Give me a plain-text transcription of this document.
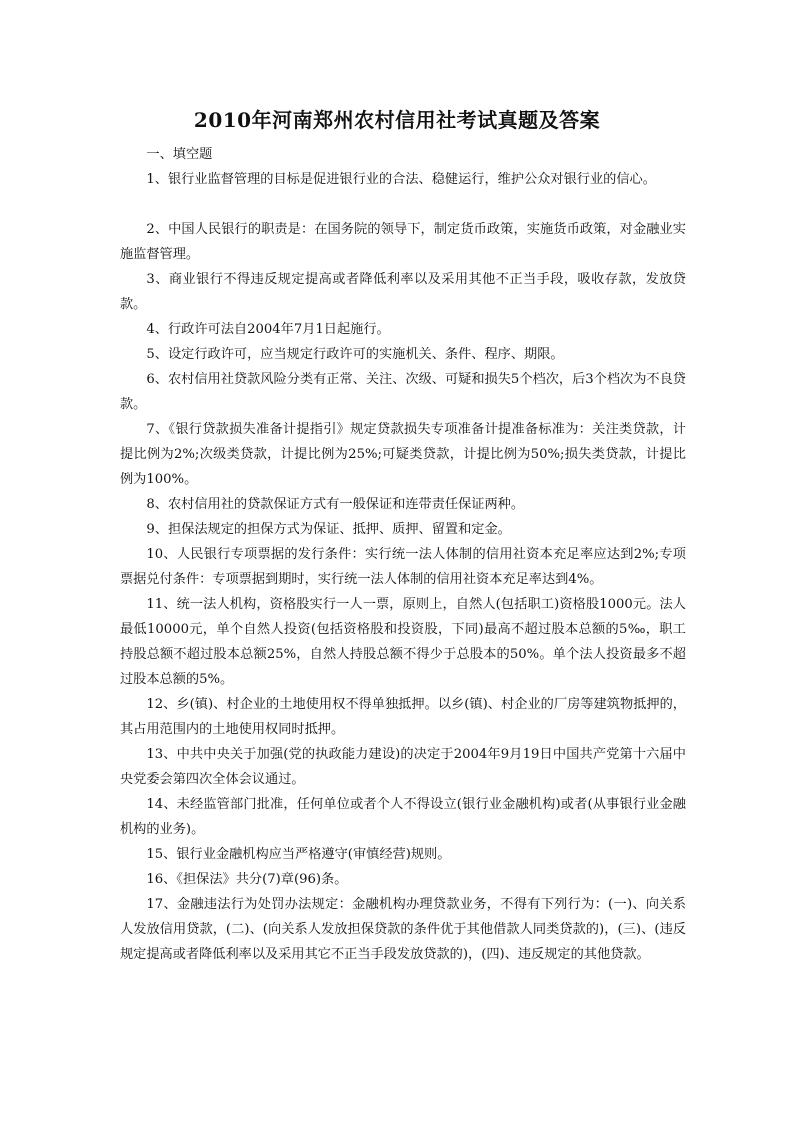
2010年河南郑州农村信用社考试真题及答案

一、填空题

1、银行业监督管理的目标是促进银行业的合法、稳健运行，维护公众对银行业的信心。

2、中国人民银行的职责是：在国务院的领导下，制定货币政策，实施货币政策，对金融业实施监督管理。

3、商业银行不得违反规定提高或者降低利率以及采用其他不正当手段，吸收存款，发放贷款。

4、行政许可法自2004年7月1日起施行。

5、设定行政许可，应当规定行政许可的实施机关、条件、程序、期限。

6、农村信用社贷款风险分类有正常、关注、次级、可疑和损失5个档次，后3个档次为不良贷款。

7、《银行贷款损失准备计提指引》规定贷款损失专项准备计提准备标准为：关注类贷款，计提比例为2%;次级类贷款，计提比例为25%;可疑类贷款，计提比例为50%;损失类贷款，计提比例为100%。

8、农村信用社的贷款保证方式有一般保证和连带责任保证两种。

9、担保法规定的担保方式为保证、抵押、质押、留置和定金。

10、人民银行专项票据的发行条件：实行统一法人体制的信用社资本充足率应达到2%;专项票据兑付条件：专项票据到期时，实行统一法人体制的信用社资本充足率达到4%。

11、统一法人机构，资格股实行一人一票，原则上，自然人(包括职工)资格股1000元。法人最低10000元，单个自然人投资(包括资格股和投资股，下同)最高不超过股本总额的5‰，职工持股总额不超过股本总额25%，自然人持股总额不得少于总股本的50%。单个法人投资最多不超过股本总额的5%。

12、乡(镇)、村企业的土地使用权不得单独抵押。以乡(镇)、村企业的厂房等建筑物抵押的，其占用范围内的土地使用权同时抵押。

13、中共中央关于加强(党的执政能力建设)的决定于2004年9月19日中国共产党第十六届中央党委会第四次全体会议通过。

14、未经监管部门批准，任何单位或者个人不得设立(银行业金融机构)或者(从事银行业金融机构的业务)。

15、银行业金融机构应当严格遵守(审慎经营)规则。

16、《担保法》共分(7)章(96)条。

17、金融违法行为处罚办法规定：金融机构办理贷款业务，不得有下列行为：(一)、向关系人发放信用贷款，(二)、(向关系人发放担保贷款的条件优于其他借款人同类贷款的)，(三)、(违反规定提高或者降低利率以及采用其它不正当手段发放贷款的)，(四)、违反规定的其他贷款。
